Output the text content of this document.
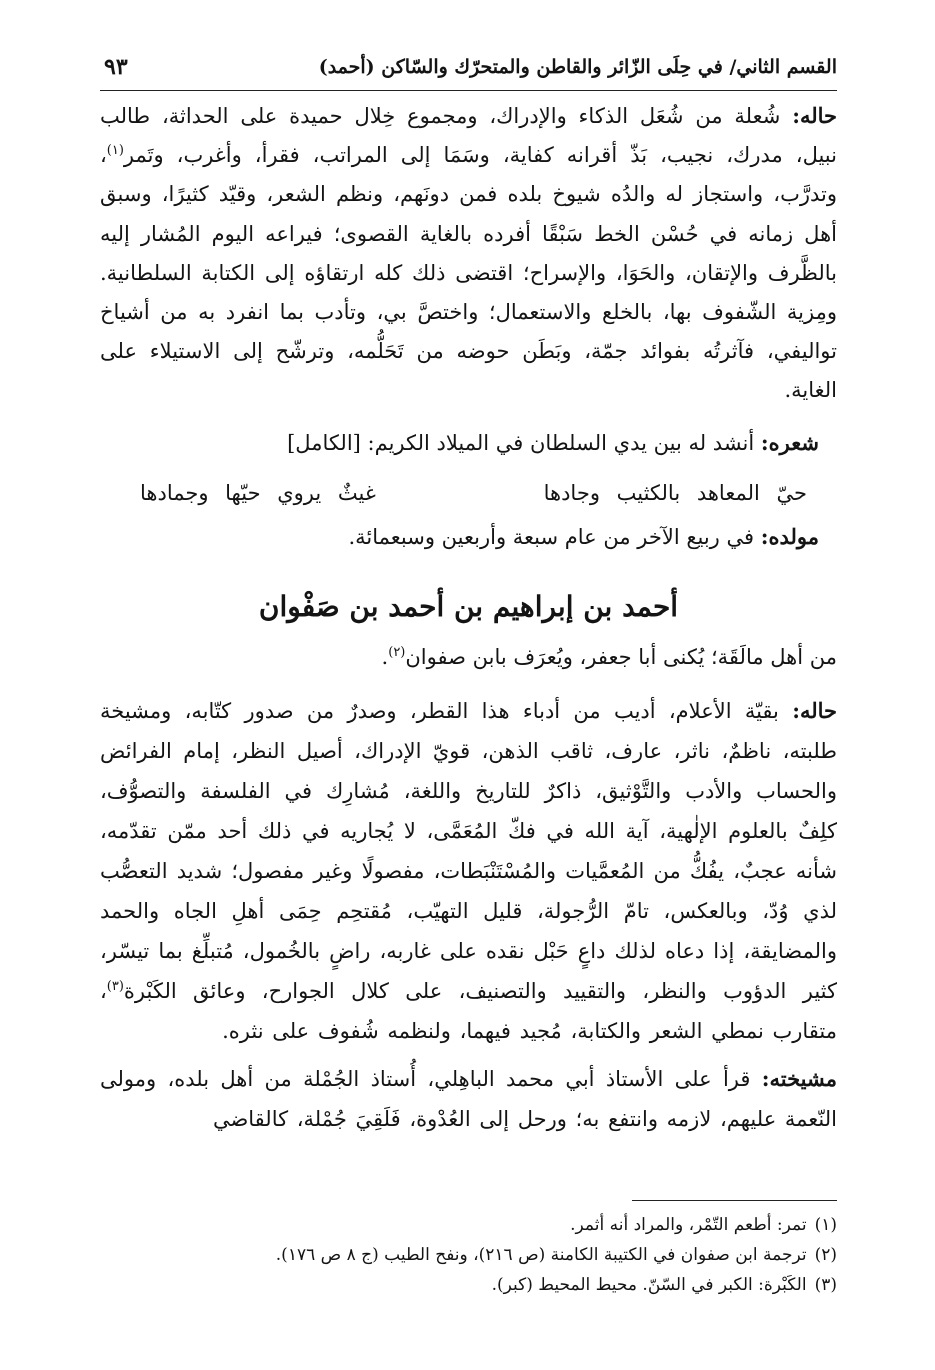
القسم الثاني/ في حِلَى الزّائر والقاطن والمتحرّك والسّاكن (أحمد)
٩٣

حاله: شُعلة من شُعَل الذكاء والإدراك، ومجموع خِلال حميدة على الحداثة، طالب نبيل، مدرك، نجيب، بَذّ أقرانه كفاية، وسَمَا إلى المراتب، فقرأ، وأغرب، وتَمر$^{(١)}$، وتدرَّب، واستجاز له والدُه شيوخ بلده فمن دونَهم، ونظم الشعر، وقيّد كثيرًا، وسبق أهل زمانه في حُسْن الخط سَبْقًا أفرده بالغاية القصوى؛ فيراعه اليوم المُشار إليه بالظَّرف والإتقان، والحَوَا، والإسراح؛ اقتضى ذلك كله ارتقاؤه إلى الكتابة السلطانية. ومِزية الشّفوف بها، بالخلع والاستعمال؛ واختصَّ بي، وتأدب بما انفرد به من أشياخ تواليفي، فآثرتُه بفوائد جمّة، وبَطَن حوضه من تَحَلُّمه، وترشّح إلى الاستيلاء على الغاية.

شعره: أنشد له بين يدي السلطان في الميلاد الكريم: [الكامل]
حيّ المعاهد بالكثيب وجادها
غيثٌ يروي حيّها وجمادها
مولده: في ربيع الآخر من عام سبعة وأربعين وسبعمائة.
أحمد بن إبراهيم بن أحمد بن صَفْوان
من أهل مالَقَة؛ يُكنى أبا جعفر، ويُعرَف بابن صفوان$^{(٢)}$.

حاله: بقيّة الأعلام، أديب من أدباء هذا القطر، وصدرٌ من صدور كتّابه، ومشيخة طلبته، ناظمٌ، ناثر، عارف، ثاقب الذهن، قويّ الإدراك، أصيل النظر، إمام الفرائض والحساب والأدب والتَّوْثيق، ذاكرٌ للتاريخ واللغة، مُشارِك في الفلسفة والتصوُّف، كلِفٌ بالعلوم الإلٰهية، آية الله في فكّ المُعَمَّى، لا يُجاريه في ذلك أحد ممّن تقدّمه، شأنه عجبٌ، يفُكُّ من المُعمَّيات والمُسْتَنْبَطات، مفصولًا وغير مفصول؛ شديد التعصُّب لذي وُدّ، وبالعكس، تامّ الرُّجولة، قليل التهيّب، مُقتحِم حِمَى أهلِ الجاه والحمد والمضايقة، إذا دعاه لذلك داعٍ حَبْل نقده على غاربه، راضٍ بالخُمول، مُتبلِّغ بما تيسّر، كثير الدؤوب والنظر، والتقييد والتصنيف، على كلال الجوارح، وعائق الكَبْرة$^{(٣)}$، متقارب نمطي الشعر والكتابة، مُجيد فيهما، ولنظمه شُفوف على نثره.

مشيخته: قرأ على الأستاذ أبي محمد الباهِلي، أُستاذ الجُمْلة من أهل بلده، ومولى النّعمة عليهم، لازمه وانتفع به؛ ورحل إلى العُدْوة، فَلَقِيَ جُمْلة، كالقاضي

(١)تمر: أطعم التّمْر، والمراد أنه أثمر.
(٢)ترجمة ابن صفوان في الكتيبة الكامنة (ص ٢١٦)، ونفح الطيب (ج ٨ ص ١٧٦).
(٣)الكَبْرة: الكبر في السّنّ. محيط المحيط (كبر).
